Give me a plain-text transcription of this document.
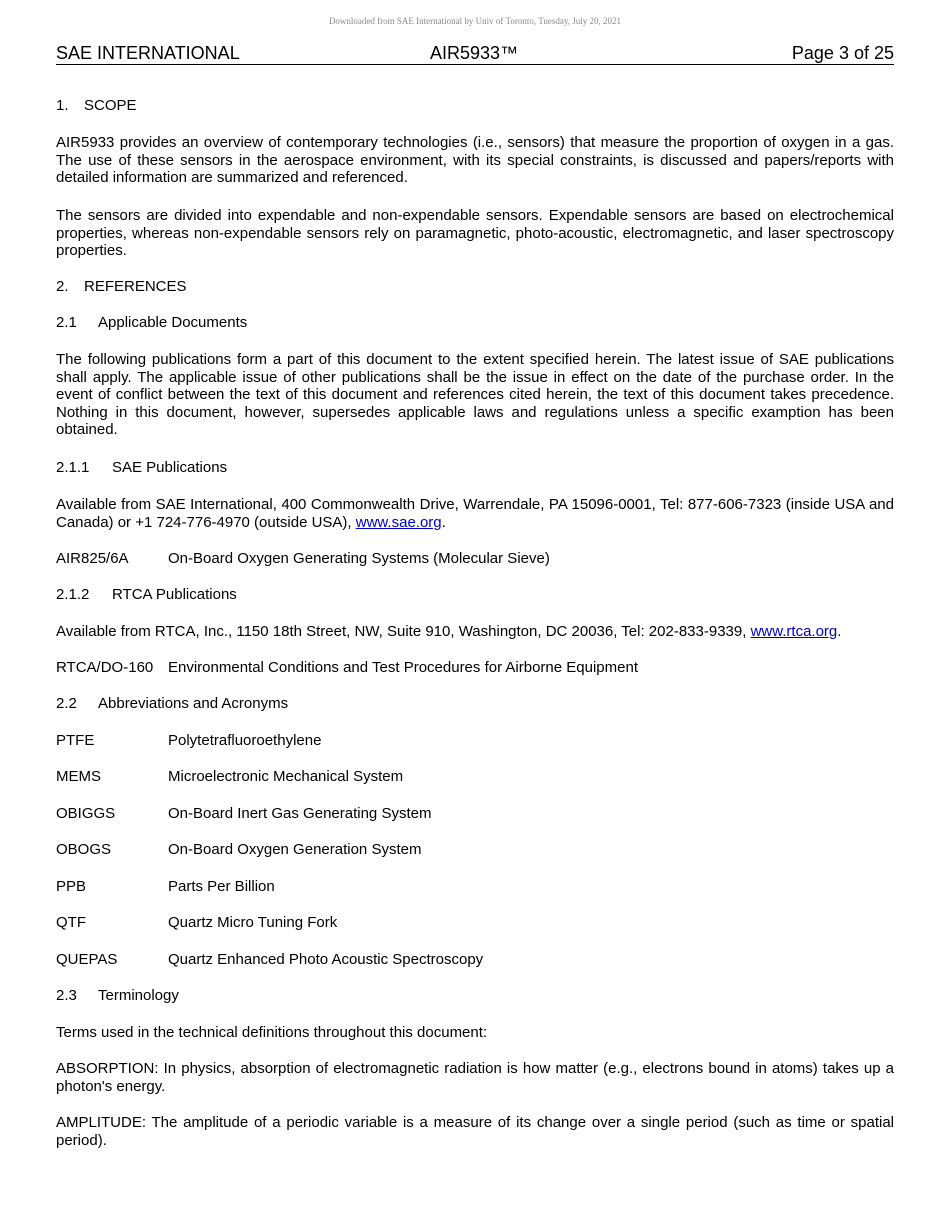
Downloaded from SAE International by Univ of Toronto, Tuesday, July 20, 2021
SAE INTERNATIONAL	AIR5933™	Page 3 of 25
1. SCOPE

AIR5933 provides an overview of contemporary technologies (i.e., sensors) that measure the proportion of oxygen in a gas. The use of these sensors in the aerospace environment, with its special constraints, is discussed and papers/reports with detailed information are summarized and referenced.

The sensors are divided into expendable and non-expendable sensors. Expendable sensors are based on electrochemical properties, whereas non-expendable sensors rely on paramagnetic, photo-acoustic, electromagnetic, and laser spectroscopy properties.

2. REFERENCES
2.1 Applicable Documents

The following publications form a part of this document to the extent specified herein. The latest issue of SAE publications shall apply. The applicable issue of other publications shall be the issue in effect on the date of the purchase order. In the event of conflict between the text of this document and references cited herein, the text of this document takes precedence. Nothing in this document, however, supersedes applicable laws and regulations unless a specific examption has been obtained.

2.1.1 SAE Publications

Available from SAE International, 400 Commonwealth Drive, Warrendale, PA 15096-0001, Tel: 877-606-7323 (inside USA and Canada) or +1 724-776-4970 (outside USA), www.sae.org.

AIR825/6A	On-Board Oxygen Generating Systems (Molecular Sieve)
2.1.2 RTCA Publications

Available from RTCA, Inc., 1150 18th Street, NW, Suite 910, Washington, DC 20036, Tel: 202-833-9339, www.rtca.org.

RTCA/DO-160 Environmental Conditions and Test Procedures for Airborne Equipment
2.2 Abbreviations and Acronyms
PTFE	Polytetrafluoroethylene
MEMS	Microelectronic Mechanical System
OBIGGS	On-Board Inert Gas Generating System
OBOGS	On-Board Oxygen Generation System
PPB	Parts Per Billion
QTF	Quartz Micro Tuning Fork
QUEPAS	Quartz Enhanced Photo Acoustic Spectroscopy
2.3 Terminology

Terms used in the technical definitions throughout this document:

ABSORPTION: In physics, absorption of electromagnetic radiation is how matter (e.g., electrons bound in atoms) takes up a photon's energy.

AMPLITUDE: The amplitude of a periodic variable is a measure of its change over a single period (such as time or spatial period).
